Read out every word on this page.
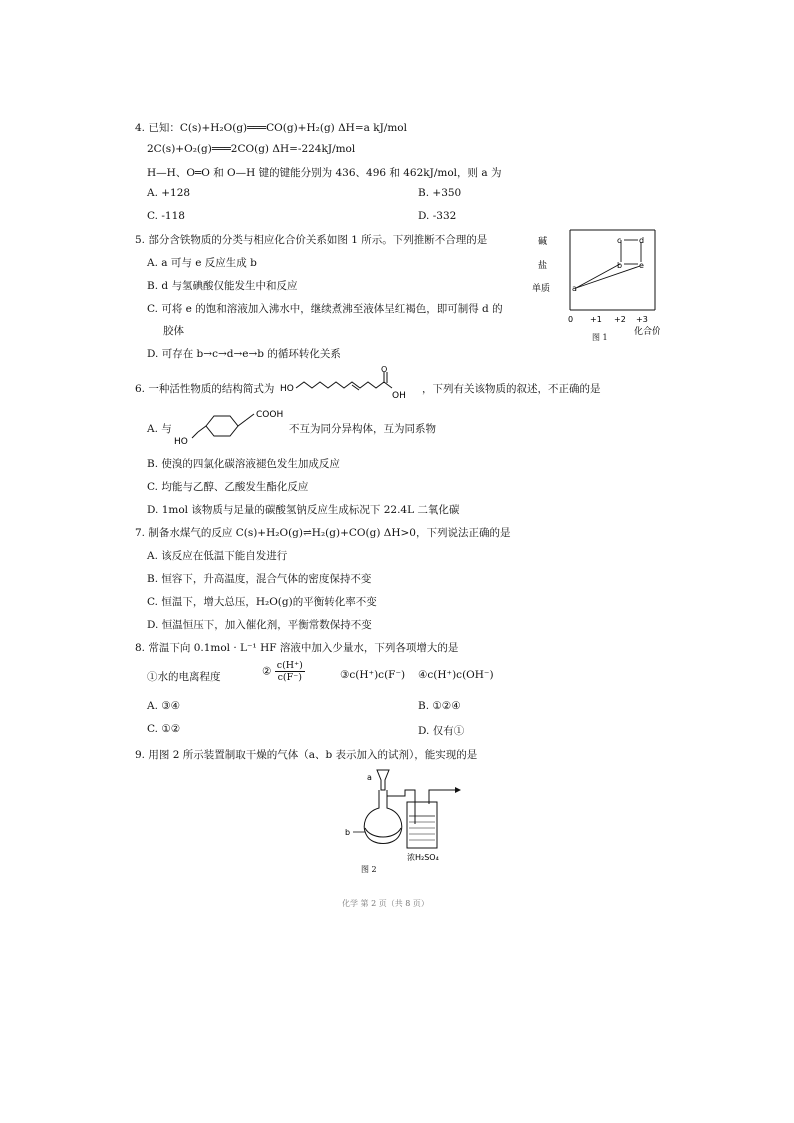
4. 已知：C(s)+H₂O(g)═══CO(g)+H₂(g) ΔH=a kJ/mol
2C(s)+O₂(g)═══2CO(g) ΔH=-224kJ/mol
H—H、O═O 和 O—H 键的键能分别为 436、496 和 462kJ/mol，则 a 为
A. +128	B. +350
C. -118	D. -332
5. 部分含铁物质的分类与相应化合价关系如图 1 所示。下列推断不合理的是
A. a 可与 e 反应生成 b
B. d 与氢碘酸仅能发生中和反应
C. 可将 e 的饱和溶液加入沸水中，继续煮沸至液体呈红褐色，即可制得 d 的
胶体
D. 可存在 b→c→d→e→b 的循环转化关系
碱
盐
单质
0 +1 +2 +3
化合价
a
b
c d
e
图 1
6. 一种活性物质的结构简式为 HO
O
OH
，下列有关该物质的叙述，不正确的是
A. 与
COOH
HO
不互为同分异构体，互为同系物
B. 使溴的四氯化碳溶液褪色发生加成反应
C. 均能与乙醇、乙酸发生酯化反应
D. 1mol 该物质与足量的碳酸氢钠反应生成标况下 22.4L 二氧化碳
7. 制备水煤气的反应 C(s)+H₂O(g)⇌H₂(g)+CO(g) ΔH>0，下列说法正确的是
A. 该反应在低温下能自发进行
B. 恒容下，升高温度，混合气体的密度保持不变
C. 恒温下，增大总压，H₂O(g)的平衡转化率不变
D. 恒温恒压下，加入催化剂，平衡常数保持不变
8. 常温下向 0.1mol · L⁻¹ HF 溶液中加入少量水，下列各项增大的是
①水的电离程度	② $\frac{c(H^+)}{c(F^-)}$	③c(H⁺)c(F⁻) ④c(H⁺)c(OH⁻)
A. ③④	B. ①②④
C. ①②	D. 仅有①
9. 用图 2 所示装置制取干燥的气体（a、b 表示加入的试剂），能实现的是
a
b
浓H₂SO₄
图 2
化学 第 2 页（共 8 页）
